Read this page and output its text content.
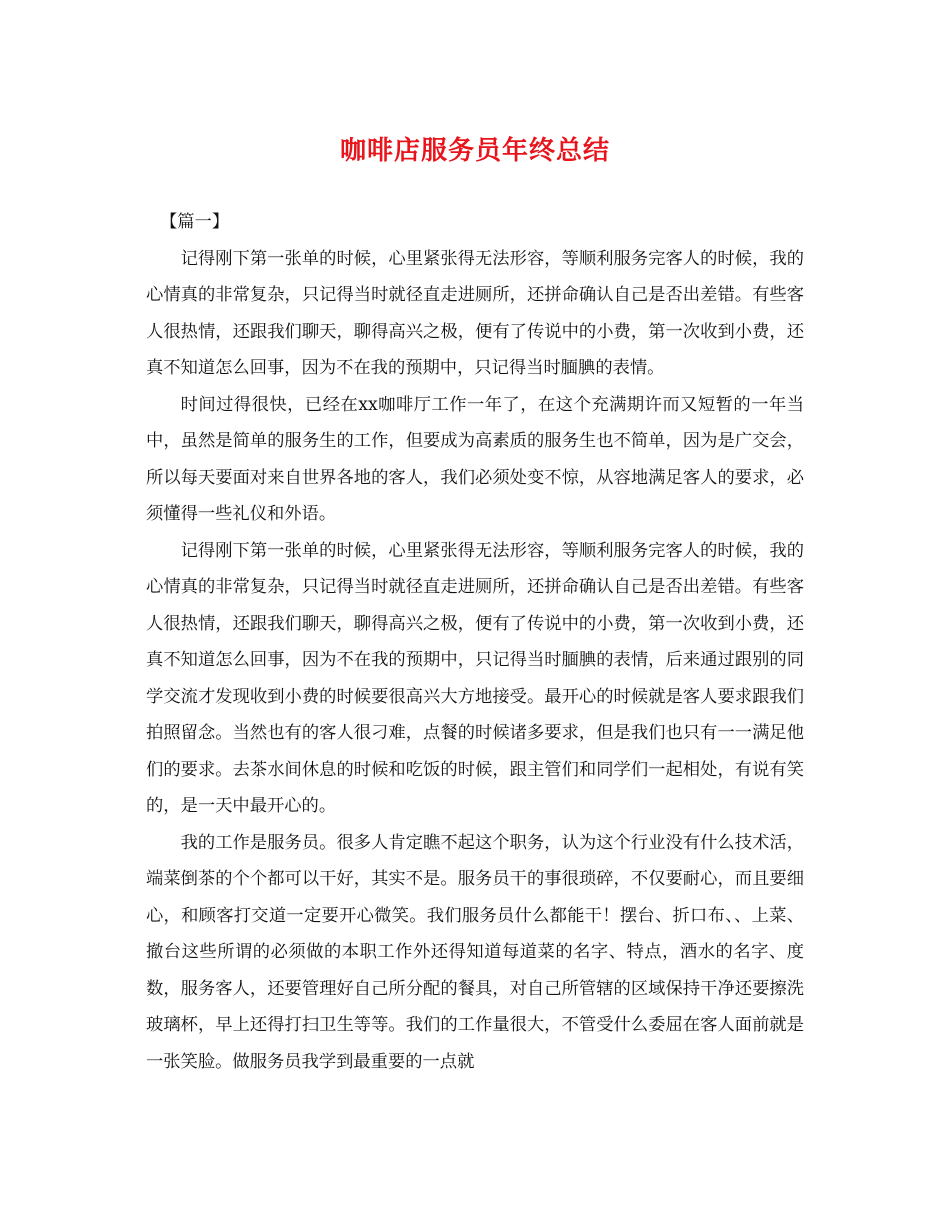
咖啡店服务员年终总结

【篇一】

记得刚下第一张单的时候，心里紧张得无法形容，等顺利服务完客人的时候，我的心情真的非常复杂，只记得当时就径直走进厕所，还拼命确认自己是否出差错。有些客人很热情，还跟我们聊天，聊得高兴之极，便有了传说中的小费，第一次收到小费，还真不知道怎么回事，因为不在我的预期中，只记得当时腼腆的表情。

时间过得很快，已经在xx咖啡厅工作一年了，在这个充满期许而又短暂的一年当中，虽然是简单的服务生的工作，但要成为高素质的服务生也不简单，因为是广交会，所以每天要面对来自世界各地的客人，我们必须处变不惊，从容地满足客人的要求，必须懂得一些礼仪和外语。

记得刚下第一张单的时候，心里紧张得无法形容，等顺利服务完客人的时候，我的心情真的非常复杂，只记得当时就径直走进厕所，还拼命确认自己是否出差错。有些客人很热情，还跟我们聊天，聊得高兴之极，便有了传说中的小费，第一次收到小费，还真不知道怎么回事，因为不在我的预期中，只记得当时腼腆的表情，后来通过跟别的同学交流才发现收到小费的时候要很高兴大方地接受。最开心的时候就是客人要求跟我们拍照留念。当然也有的客人很刁难，点餐的时候诸多要求，但是我们也只有一一满足他们的要求。去茶水间休息的时候和吃饭的时候，跟主管们和同学们一起相处，有说有笑的，是一天中最开心的。

我的工作是服务员。很多人肯定瞧不起这个职务，认为这个行业没有什么技术活，端菜倒茶的个个都可以干好，其实不是。服务员干的事很琐碎，不仅要耐心，而且要细心，和顾客打交道一定要开心微笑。我们服务员什么都能干！摆台、折口布、、上菜、撤台这些所谓的必须做的本职工作外还得知道每道菜的名字、特点，酒水的名字、度数，服务客人，还要管理好自己所分配的餐具，对自己所管辖的区域保持干净还要擦洗玻璃杯，早上还得打扫卫生等等。我们的工作量很大，不管受什么委屈在客人面前就是一张笑脸。做服务员我学到最重要的一点就
